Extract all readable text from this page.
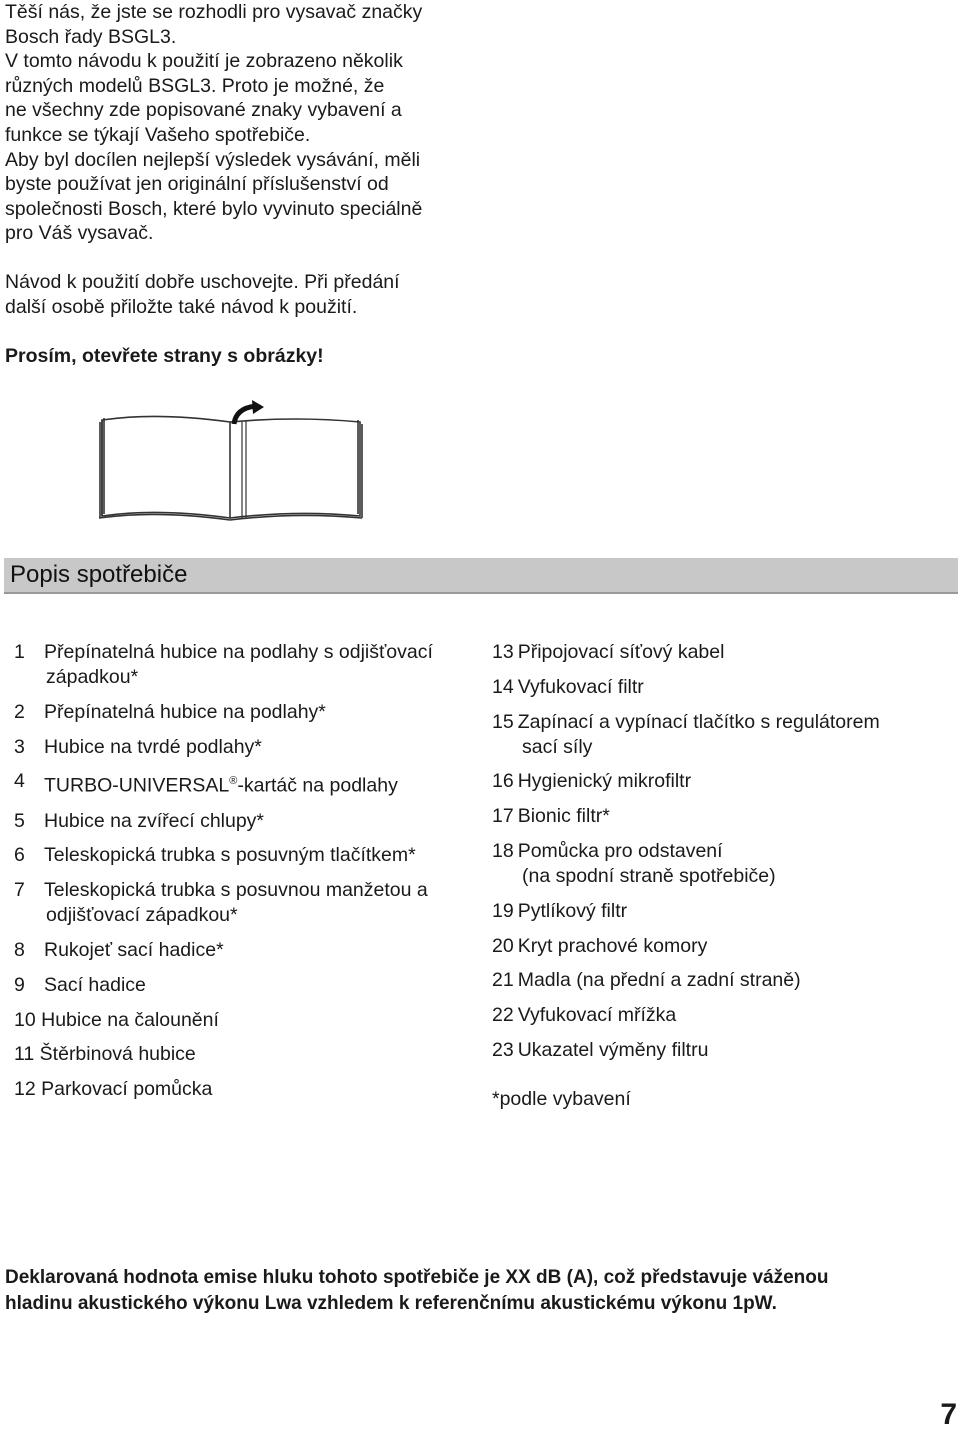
Těší nás, že jste se rozhodli pro vysavač značky
Bosch řady BSGL3.
V tomto návodu k použití je zobrazeno několik
různých modelů BSGL3. Proto je možné, že
ne všechny zde popisované znaky vybavení a
funkce se týkají Vašeho spotřebiče.
Aby byl docílen nejlepší výsledek vysávání, měli
byste používat jen originální příslušenství od
společnosti Bosch, které bylo vyvinuto speciálně
pro Váš vysavač.

Návod k použití dobře uschovejte. Při předání
další osobě přiložte také návod k použití.

Prosím, otevřete strany s obrázky!

Popis spotřebiče
1 Přepínatelná hubice na podlahy s odjišťovací
západkou*
2 Přepínatelná hubice na podlahy*
3 Hubice na tvrdé podlahy*
4 TURBO-UNIVERSAL®-kartáč na podlahy
5 Hubice na zvířecí chlupy*
6 Teleskopická trubka s posuvným tlačítkem*
7 Teleskopická trubka s posuvnou manžetou a
odjišťovací západkou*
8 Rukojeť sací hadice*
9 Sací hadice
10 Hubice na čalounění
11 Štěrbinová hubice
12 Parkovací pomůcka
13 Připojovací síťový kabel
14 Vyfukovací filtr
15 Zapínací a vypínací tlačítko s regulátorem
sací síly
16 Hygienický mikrofiltr
17 Bionic filtr*
18 Pomůcka pro odstavení
(na spodní straně spotřebiče)
19 Pytlíkový filtr
20 Kryt prachové komory
21 Madla (na přední a zadní straně)
22 Vyfukovací mřížka
23 Ukazatel výměny filtru
*podle vybavení
Deklarovaná hodnota emise hluku tohoto spotřebiče je XX dB (A), což představuje váženou
hladinu akustického výkonu Lwa vzhledem k referenčnímu akustickému výkonu 1pW.
7
